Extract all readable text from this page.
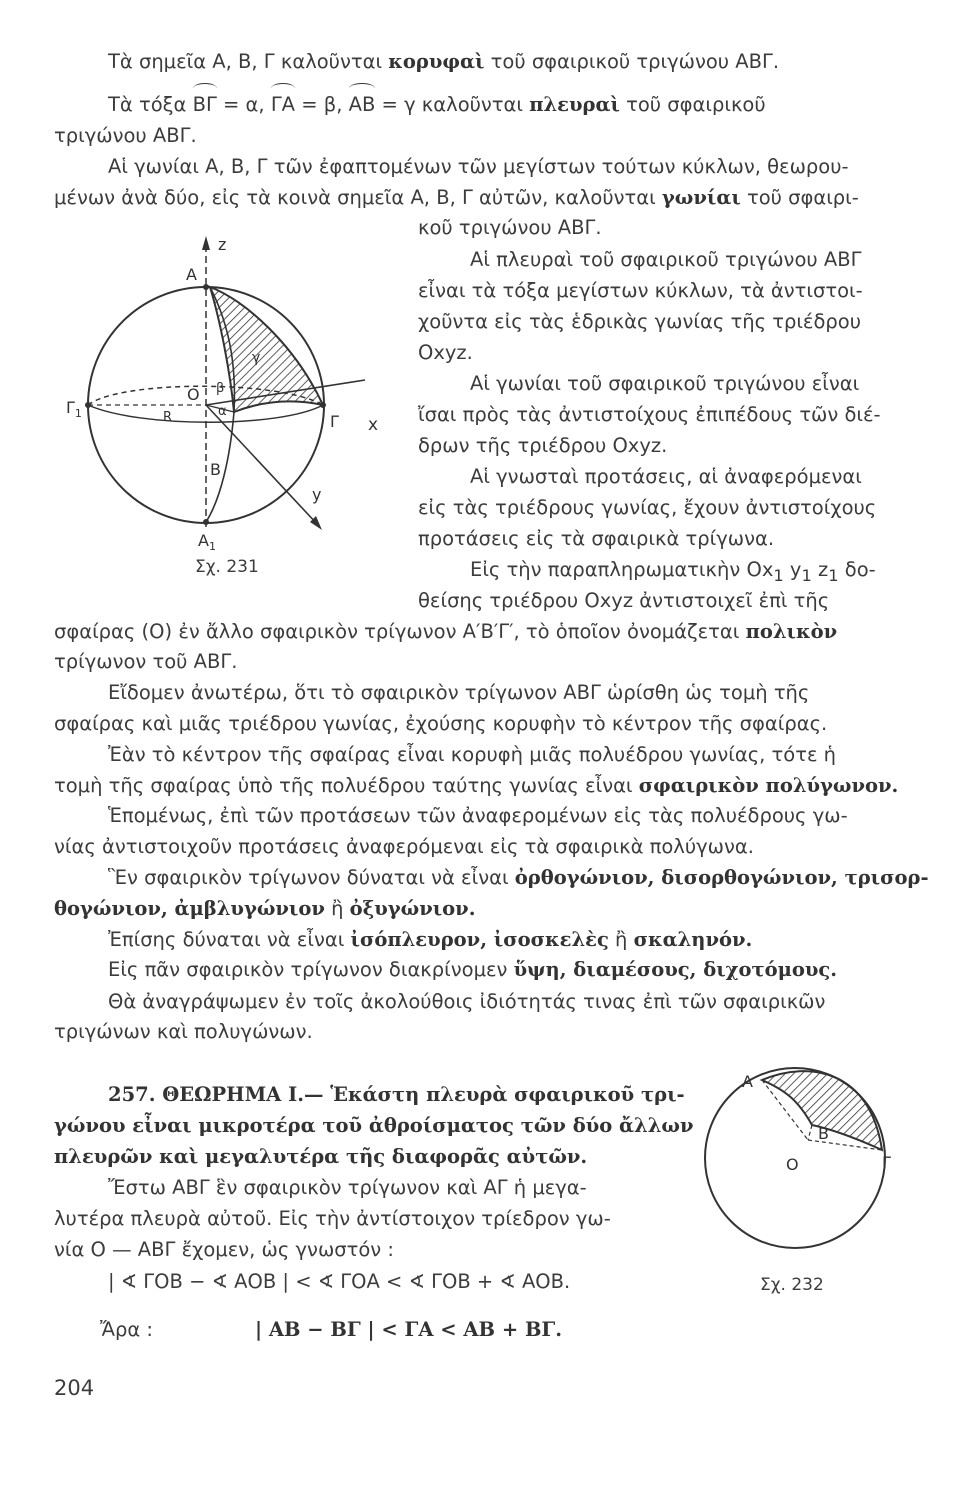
Τὰ σημεῖα Α, Β, Γ καλοῦνται κορυφαὶ τοῦ σφαιρικοῦ τριγώνου ΑΒΓ.
Τὰ τόξα
ΒΓ = α,
ΓΑ = β,
ΑΒ = γ καλοῦνται πλευραὶ τοῦ σφαιρικοῦ
τριγώνου ΑΒΓ.
Αἱ γωνίαι Α, Β, Γ τῶν ἐφαπτομένων τῶν μεγίστων τούτων κύκλων, θεωρου-
μένων ἀνὰ δύο, εἰς τὰ κοινὰ σημεῖα Α, Β, Γ αὐτῶν, καλοῦνται γωνίαι τοῦ σφαιρι-
κοῦ τριγώνου ΑΒΓ.
Αἱ πλευραὶ τοῦ σφαιρικοῦ τριγώνου ΑΒΓ
εἶναι τὰ τόξα μεγίστων κύκλων, τὰ ἀντιστοι-
χοῦντα εἰς τὰς ἑδρικὰς γωνίας τῆς τριέδρου
Οxyz.
Αἱ γωνίαι τοῦ σφαιρικοῦ τριγώνου εἶναι
ἴσαι πρὸς τὰς ἀντιστοίχους ἐπιπέδους τῶν διέ-
δρων τῆς τριέδρου Οxyz.
Αἱ γνωσταὶ προτάσεις, αἱ ἀναφερόμεναι
εἰς τὰς τριέδρους γωνίας, ἔχουν ἀντιστοίχους
προτάσεις εἰς τὰ σφαιρικὰ τρίγωνα.
Εἰς τὴν παραπληρωματικὴν $Ox_1$ $y_1$ $z_1$ δο-
θείσης τριέδρου Οxyz ἀντιστοιχεῖ ἐπὶ τῆς
σφαίρας (Ο) ἐν ἄλλο σφαιρικὸν τρίγωνον Α′Β′Γ′, τὸ ὁποῖον ὀνομάζεται πολικὸν
τρίγωνον τοῦ ΑΒΓ.
Εἴδομεν ἀνωτέρω, ὅτι τὸ σφαιρικὸν τρίγωνον ΑΒΓ ὡρίσθη ὡς τομὴ τῆς
σφαίρας καὶ μιᾶς τριέδρου γωνίας, ἐχούσης κορυφὴν τὸ κέντρον τῆς σφαίρας.
Ἐὰν τὸ κέντρον τῆς σφαίρας εἶναι κορυφὴ μιᾶς πολυέδρου γωνίας, τότε ἡ
τομὴ τῆς σφαίρας ὑπὸ τῆς πολυέδρου ταύτης γωνίας εἶναι σφαιρικὸν πολύγωνον.
Ἑπομένως, ἐπὶ τῶν προτάσεων τῶν ἀναφερομένων εἰς τὰς πολυέδρους γω-
νίας ἀντιστοιχοῦν προτάσεις ἀναφερόμεναι εἰς τὰ σφαιρικὰ πολύγωνα.
Ἓν σφαιρικὸν τρίγωνον δύναται νὰ εἶναι ὀρθογώνιον, δισορθογώνιον, τρισορ-
θογώνιον, ἀμβλυγώνιον ἢ ὀξυγώνιον.
Ἐπίσης δύναται νὰ εἶναι ἰσόπλευρον, ἰσοσκελὲς ἢ σκαληνόν.
Εἰς πᾶν σφαιρικὸν τρίγωνον διακρίνομεν ὕψη, διαμέσους, διχοτόμους.
Θὰ ἀναγράψωμεν ἐν τοῖς ἀκολούθοις ἰδιότητάς τινας ἐπὶ τῶν σφαιρικῶν
τριγώνων καὶ πολυγώνων.
257. ΘΕΩΡΗΜΑ Ι.— Ἑκάστη πλευρὰ σφαιρικοῦ τρι-
γώνου εἶναι μικροτέρα τοῦ ἀθροίσματος τῶν δύο ἄλλων
πλευρῶν καὶ μεγαλυτέρα τῆς διαφορᾶς αὐτῶν.
Ἔστω ΑΒΓ ἓν σφαιρικὸν τρίγωνον καὶ ΑΓ ἡ μεγα-
λυτέρα πλευρὰ αὐτοῦ. Εἰς τὴν ἀντίστοιχον τρίεδρον γω-
νία Ο — ΑΒΓ ἔχομεν, ὡς γνωστόν :
| ∢ ΓΟΒ − ∢ ΑΟΒ | < ∢ ΓΟΑ < ∢ ΓΟΒ + ∢ ΑΟΒ.
Ἄρα :	| ΑΒ − ΒΓ | < ΓΑ < ΑΒ + ΒΓ.
204
z
Α
γ
O β
α
R
$\Gamma_1$	Γ x
Β
y
$A_1$
Σχ. 231
Α
Β
Ο	Γ
Σχ. 232
